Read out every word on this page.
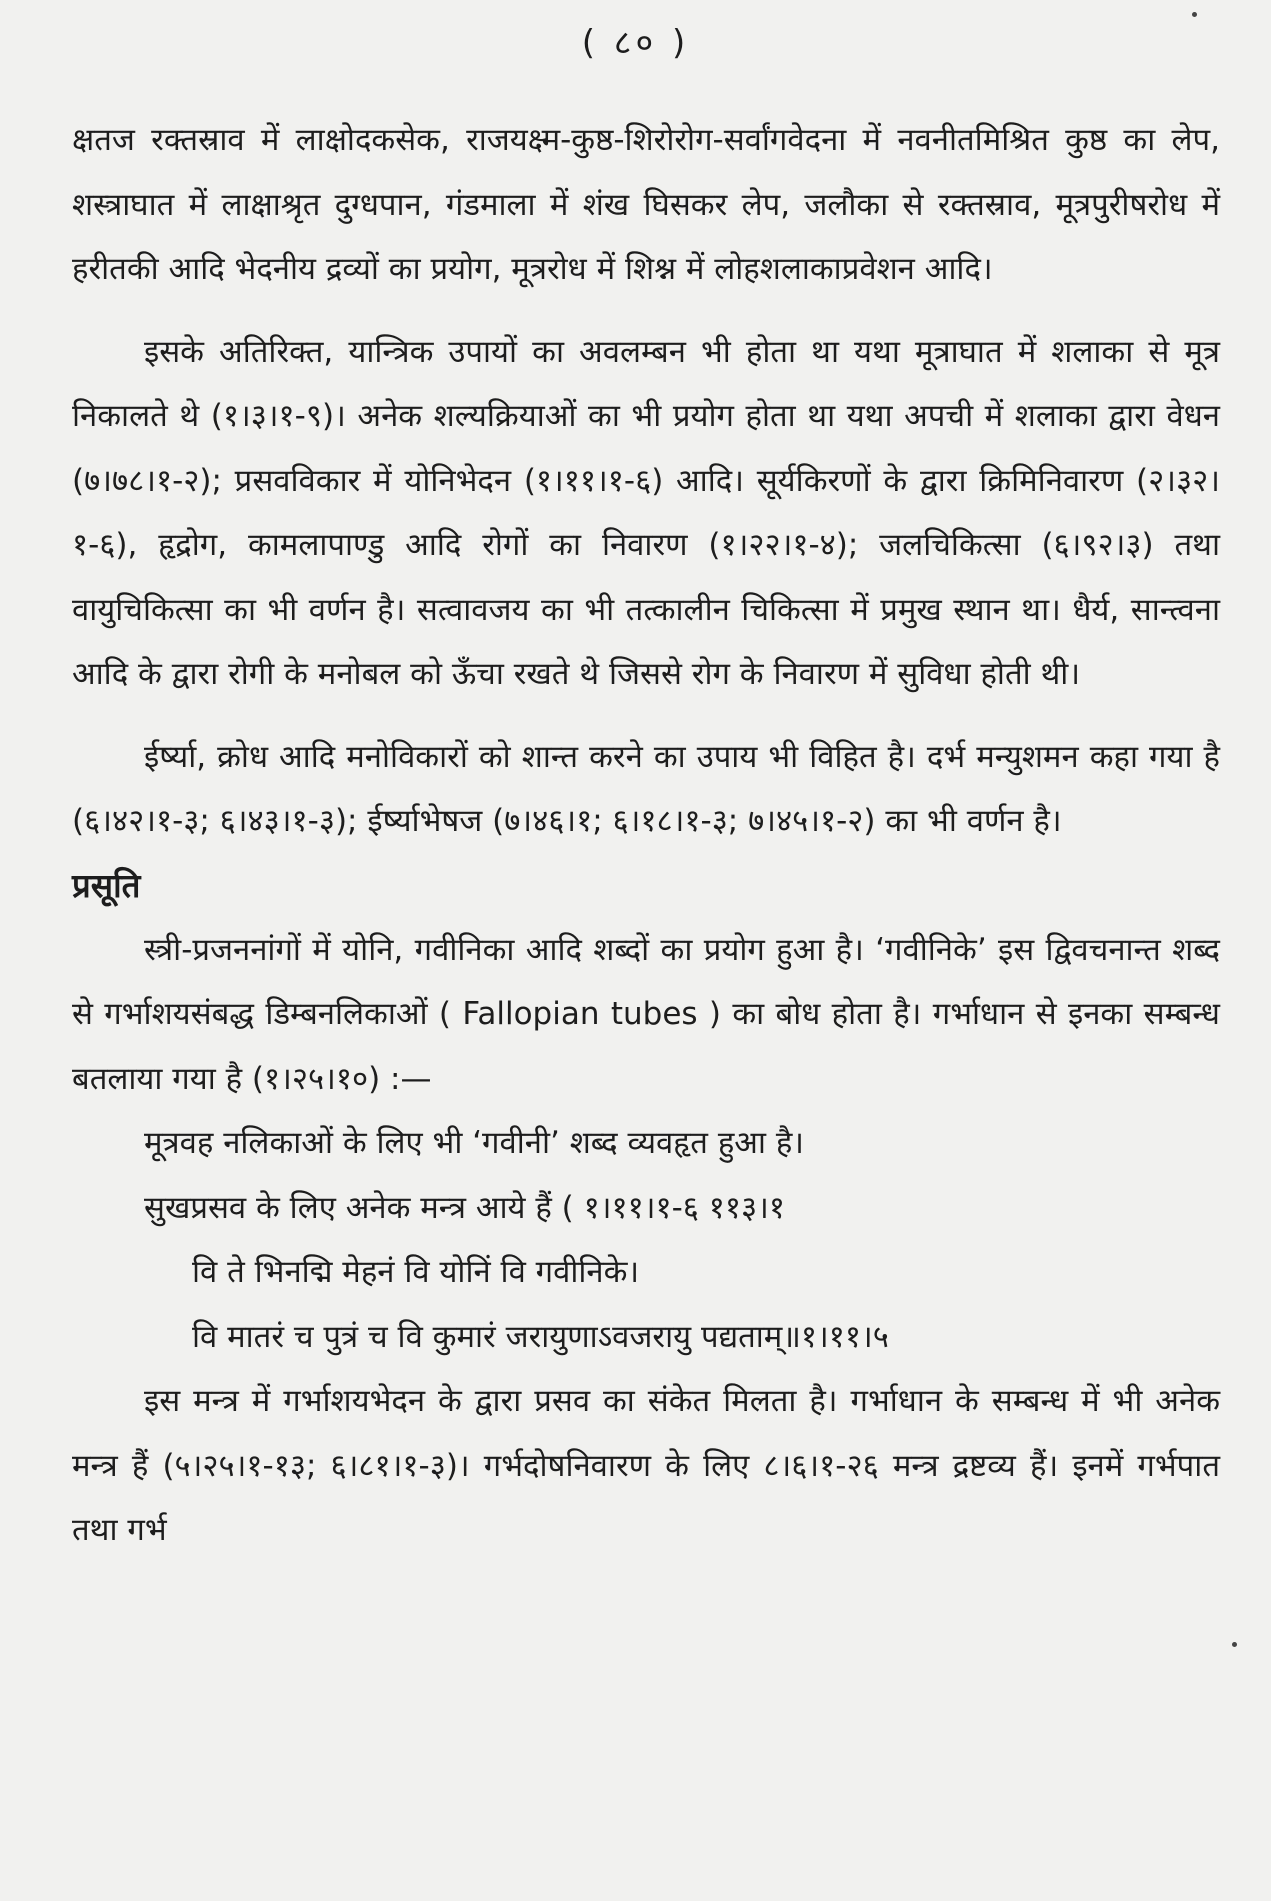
( ८० )

क्षतज रक्तस्राव में लाक्षोदकसेक, राजयक्ष्म-कुष्ठ-शिरोरोग-सर्वांगवेदना में नवनीतमिश्रित कुष्ठ का लेप, शस्त्राघात में लाक्षाश्रृत दुग्धपान, गंडमाला में शंख घिसकर लेप, जलौका से रक्तस्राव, मूत्रपुरीषरोध में हरीतकी आदि भेदनीय द्रव्यों का प्रयोग, मूत्ररोध में शिश्न में लोहशलाकाप्रवेशन आदि।

इसके अतिरिक्त, यान्त्रिक उपायों का अवलम्बन भी होता था यथा मूत्राघात में शलाका से मूत्र निकालते थे (१।३।१-९)। अनेक शल्यक्रियाओं का भी प्रयोग होता था यथा अपची में शलाका द्वारा वेधन (७।७८।१-२); प्रसवविकार में योनिभेदन (१।११।१-६) आदि। सूर्यकिरणों के द्वारा क्रिमिनिवारण (२।३२।१-६), हृद्रोग, कामलापाण्डु आदि रोगों का निवारण (१।२२।१-४); जलचिकित्सा (६।९२।३) तथा वायुचिकित्सा का भी वर्णन है। सत्वावजय का भी तत्कालीन चिकित्सा में प्रमुख स्थान था। धैर्य, सान्त्वना आदि के द्वारा रोगी के मनोबल को ऊँचा रखते थे जिससे रोग के निवारण में सुविधा होती थी।

ईर्ष्या, क्रोध आदि मनोविकारों को शान्त करने का उपाय भी विहित है। दर्भ मन्युशमन कहा गया है (६।४२।१-३; ६।४३।१-३); ईर्ष्याभेषज (७।४६।१; ६।१८।१-३; ७।४५।१-२) का भी वर्णन है।

प्रसूति

स्त्री-प्रजननांगों में योनि, गवीनिका आदि शब्दों का प्रयोग हुआ है। ‘गवीनिके’ इस द्विवचनान्त शब्द से गर्भाशयसंबद्ध डिम्बनलिकाओं ( Fallopian tubes ) का बोध होता है। गर्भाधान से इनका सम्बन्ध बतलाया गया है (१।२५।१०) :—

मूत्रवह नलिकाओं के लिए भी ‘गवीनी’ शब्द व्यवहृत हुआ है।

सुखप्रसव के लिए अनेक मन्त्र आये हैं ( १।११।१-६ ११३।१

वि ते भिनद्मि मेहनं वि योनिं वि गवीनिके।

वि मातरं च पुत्रं च वि कुमारं जरायुणाऽवजरायु पद्यताम्॥१।११।५

इस मन्त्र में गर्भाशयभेदन के द्वारा प्रसव का संकेत मिलता है। गर्भाधान के सम्बन्ध में भी अनेक मन्त्र हैं (५।२५।१-१३; ६।८१।१-३)। गर्भदोषनिवारण के लिए ८।६।१-२६ मन्त्र द्रष्टव्य हैं। इनमें गर्भपात तथा गर्भ
